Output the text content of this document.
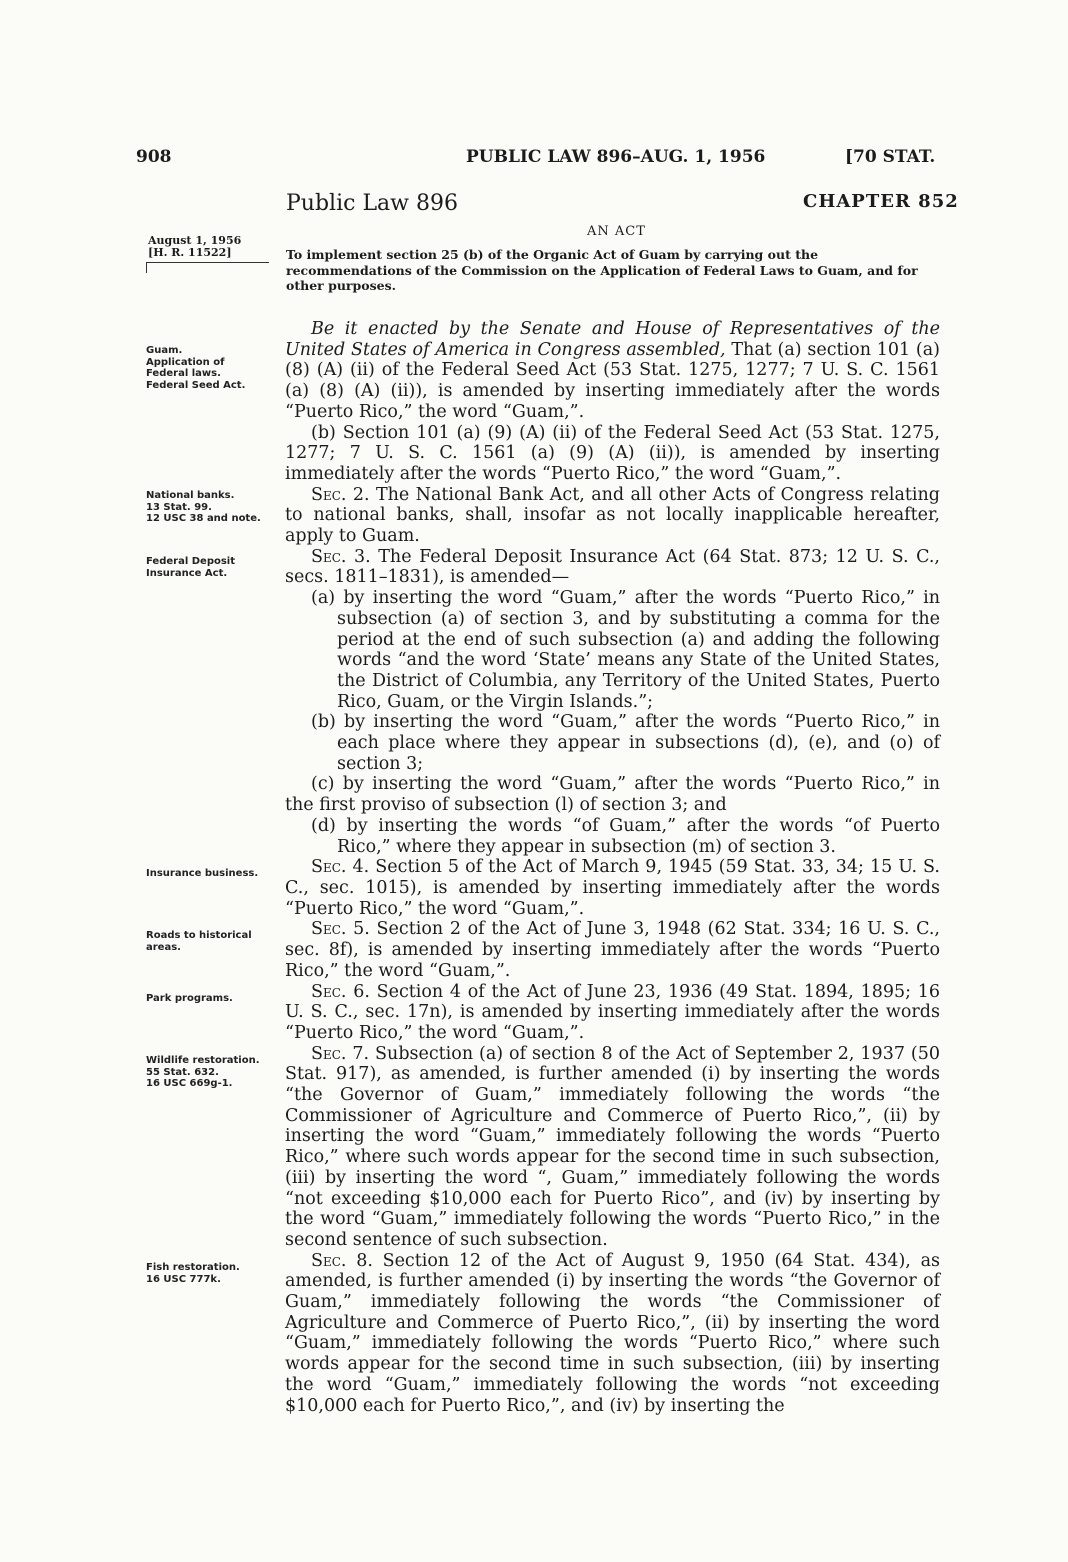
908	PUBLIC LAW 896–AUG. 1, 1956	[70 STAT.
Public Law 896	CHAPTER 852
AN ACT
August 1, 1956
[H. R. 11522]	To implement section 25 (b) of the Organic Act of Guam by carrying out the recommendations of the Commission on the Application of Federal Laws to Guam, and for other purposes.
Guam.
Application of Federal laws.
Federal Seed Act.
National banks.
13 Stat. 99.
12 USC 38 and note.
Federal Deposit Insurance Act.
Insurance business.
Roads to historical areas.
Park programs.
Wildlife restoration.
55 Stat. 632.
16 USC 669g-1.
Fish restoration.
16 USC 777k.

Be it enacted by the Senate and House of Representatives of the United States of America in Congress assembled, That (a) section 101 (a) (8) (A) (ii) of the Federal Seed Act (53 Stat. 1275, 1277; 7 U. S. C. 1561 (a) (8) (A) (ii)), is amended by inserting immediately after the words “Puerto Rico,” the word “Guam,”.

(b) Section 101 (a) (9) (A) (ii) of the Federal Seed Act (53 Stat. 1275, 1277; 7 U. S. C. 1561 (a) (9) (A) (ii)), is amended by inserting immediately after the words “Puerto Rico,” the word “Guam,”.

Sec. 2. The National Bank Act, and all other Acts of Congress relating to national banks, shall, insofar as not locally inapplicable hereafter, apply to Guam.

Sec. 3. The Federal Deposit Insurance Act (64 Stat. 873; 12 U. S. C., secs. 1811–1831), is amended—

(a) by inserting the word “Guam,” after the words “Puerto Rico,” in subsection (a) of section 3, and by substituting a comma for the period at the end of such subsection (a) and adding the following words “and the word ‘State’ means any State of the United States, the District of Columbia, any Territory of the United States, Puerto Rico, Guam, or the Virgin Islands.”;

(b) by inserting the word “Guam,” after the words “Puerto Rico,” in each place where they appear in subsections (d), (e), and (o) of section 3;

(c) by inserting the word “Guam,” after the words “Puerto Rico,” in the first proviso of subsection (l) of section 3; and

(d) by inserting the words “of Guam,” after the words “of Puerto Rico,” where they appear in subsection (m) of section 3.

Sec. 4. Section 5 of the Act of March 9, 1945 (59 Stat. 33, 34; 15 U. S. C., sec. 1015), is amended by inserting immediately after the words “Puerto Rico,” the word “Guam,”.

Sec. 5. Section 2 of the Act of June 3, 1948 (62 Stat. 334; 16 U. S. C., sec. 8f), is amended by inserting immediately after the words “Puerto Rico,” the word “Guam,”.

Sec. 6. Section 4 of the Act of June 23, 1936 (49 Stat. 1894, 1895; 16 U. S. C., sec. 17n), is amended by inserting immediately after the words “Puerto Rico,” the word “Guam,”.

Sec. 7. Subsection (a) of section 8 of the Act of September 2, 1937 (50 Stat. 917), as amended, is further amended (i) by inserting the words “the Governor of Guam,” immediately following the words “the Commissioner of Agriculture and Commerce of Puerto Rico,”, (ii) by inserting the word “Guam,” immediately following the words “Puerto Rico,” where such words appear for the second time in such subsection, (iii) by inserting the word “, Guam,” immediately following the words “not exceeding $10,000 each for Puerto Rico”, and (iv) by inserting by the word “Guam,” immediately following the words “Puerto Rico,” in the second sentence of such subsection.

Sec. 8. Section 12 of the Act of August 9, 1950 (64 Stat. 434), as amended, is further amended (i) by inserting the words “the Governor of Guam,” immediately following the words “the Commissioner of Agriculture and Commerce of Puerto Rico,”, (ii) by inserting the word “Guam,” immediately following the words “Puerto Rico,” where such words appear for the second time in such subsection, (iii) by inserting the word “Guam,” immediately following the words “not exceeding $10,000 each for Puerto Rico,”, and (iv) by inserting the
